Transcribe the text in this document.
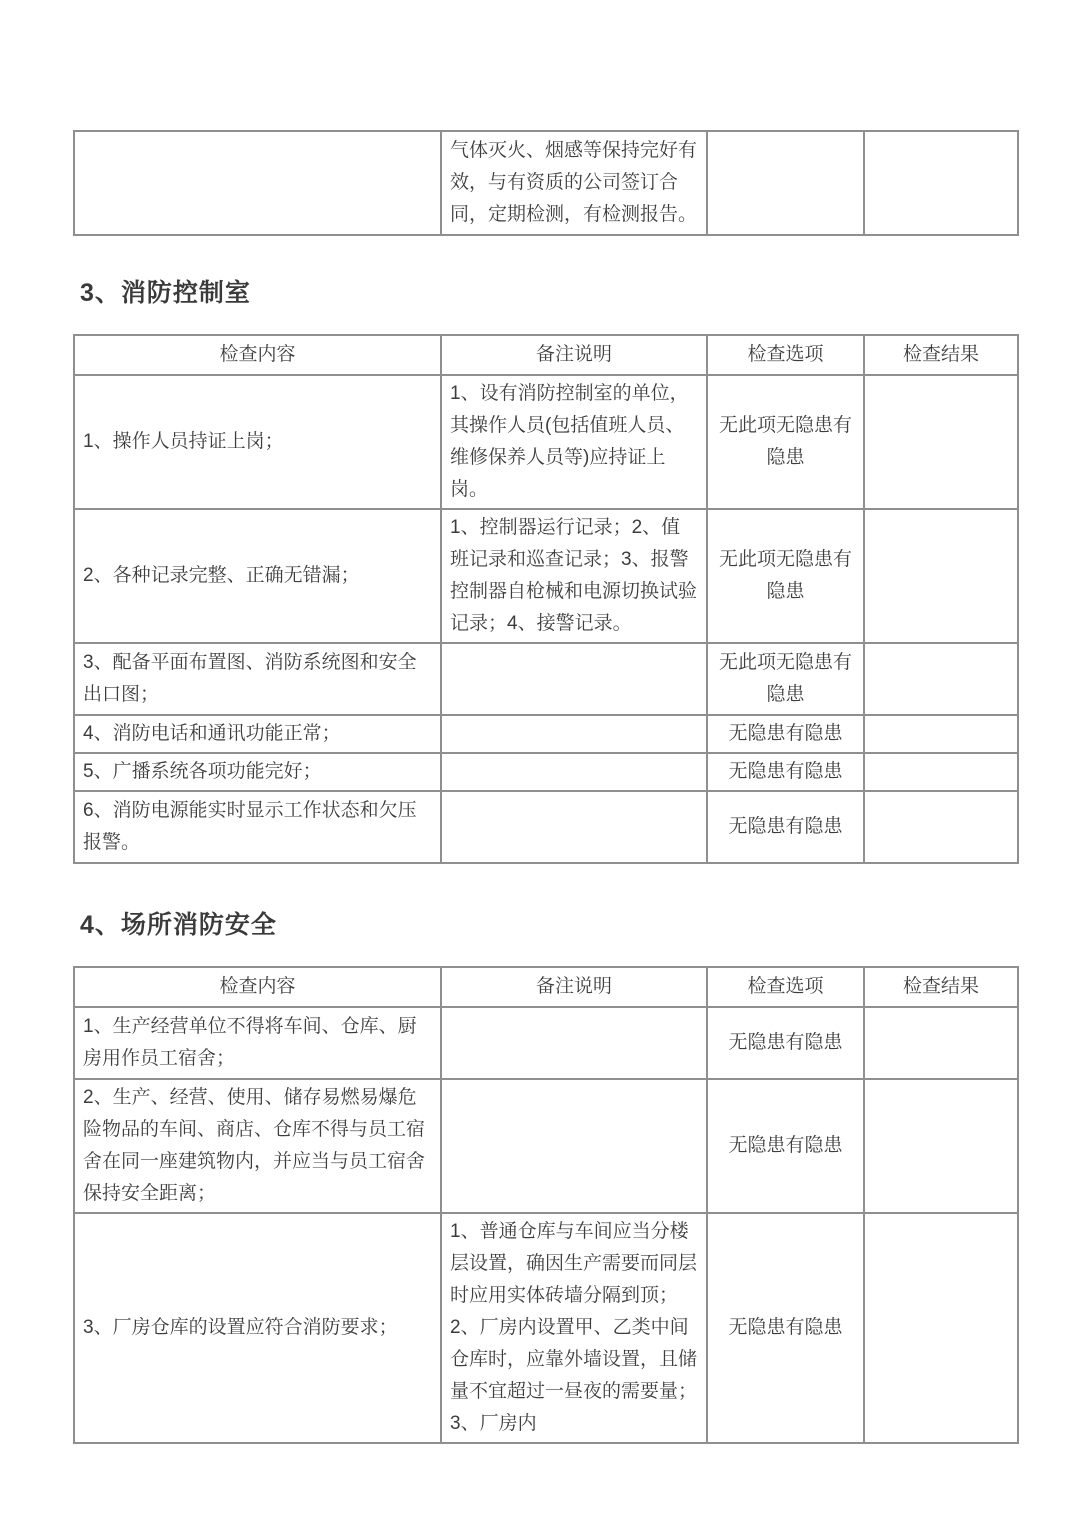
	气体灭火、烟感等保持完好有效，与有资质的公司签订合同，定期检测，有检测报告。		
3、消防控制室
检查内容	备注说明	检查选项	检查结果
1、操作人员持证上岗；	1、设有消防控制室的单位，其操作人员(包括值班人员、维修保养人员等)应持证上岗。	无此项无隐患有隐患	
2、各种记录完整、正确无错漏；	1、控制器运行记录；2、值班记录和巡查记录；3、报警控制器自枪械和电源切换试验记录；4、接警记录。	无此项无隐患有隐患	
3、配备平面布置图、消防系统图和安全出口图；		无此项无隐患有隐患	
4、消防电话和通讯功能正常；		无隐患有隐患	
5、广播系统各项功能完好；		无隐患有隐患	
6、消防电源能实时显示工作状态和欠压报警。		无隐患有隐患	
4、场所消防安全
检查内容	备注说明	检查选项	检查结果
1、生产经营单位不得将车间、仓库、厨房用作员工宿舍；		无隐患有隐患	
2、生产、经营、使用、储存易燃易爆危险物品的车间、商店、仓库不得与员工宿舍在同一座建筑物内，并应当与员工宿舍保持安全距离；		无隐患有隐患	
3、厂房仓库的设置应符合消防要求；	1、普通仓库与车间应当分楼层设置，确因生产需要而同层时应用实体砖墙分隔到顶；2、厂房内设置甲、乙类中间仓库时，应靠外墙设置，且储量不宜超过一昼夜的需要量；3、厂房内	无隐患有隐患	
